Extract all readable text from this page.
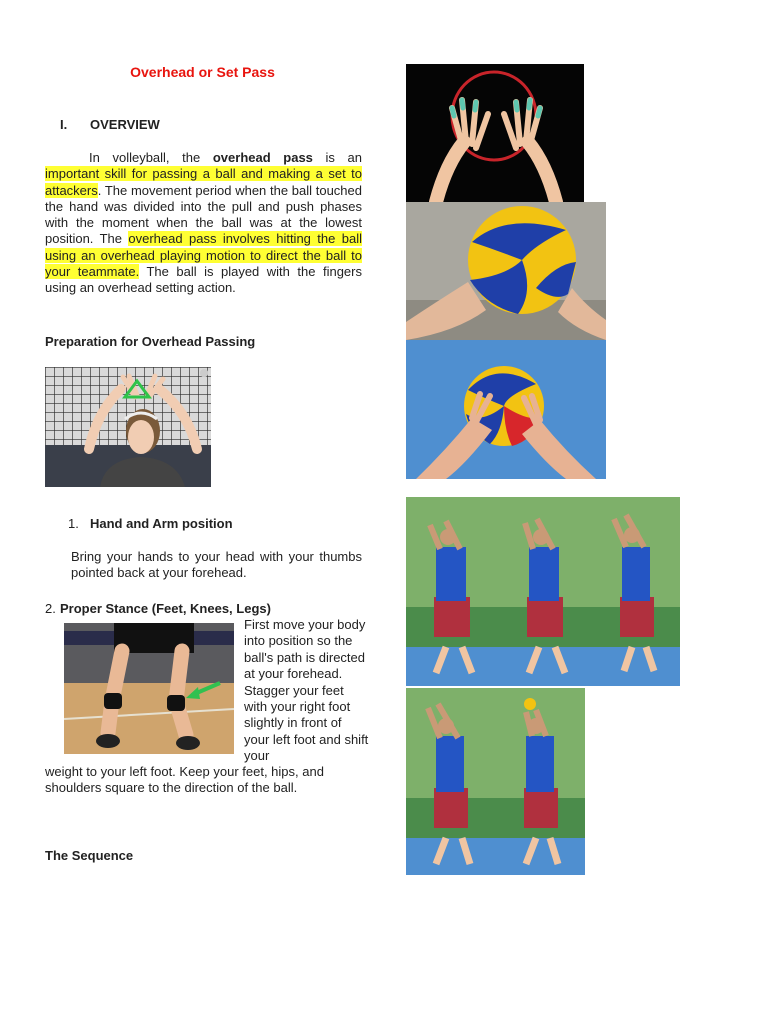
Overhead or Set Pass
I. OVERVIEW
In volleyball, the overhead pass is an important skill for passing a ball and making a set to attackers. The movement period when the ball touched the hand was divided into the pull and push phases with the moment when the ball was at the lowest position. The overhead pass involves hitting the ball using an overhead playing motion to direct the ball to your teammate. The ball is played with the fingers using an overhead setting action.
Preparation for Overhead Passing
1. Hand and Arm position
Bring your hands to your head with your thumbs pointed back at your forehead.
2. Proper Stance (Feet, Knees, Legs)
First move your body into position so the ball's path is directed at your forehead. Stagger your feet with your right foot slightly in front of your left foot and shift your
weight to your left foot. Keep your feet, hips, and shoulders square to the direction of the ball.
The Sequence
